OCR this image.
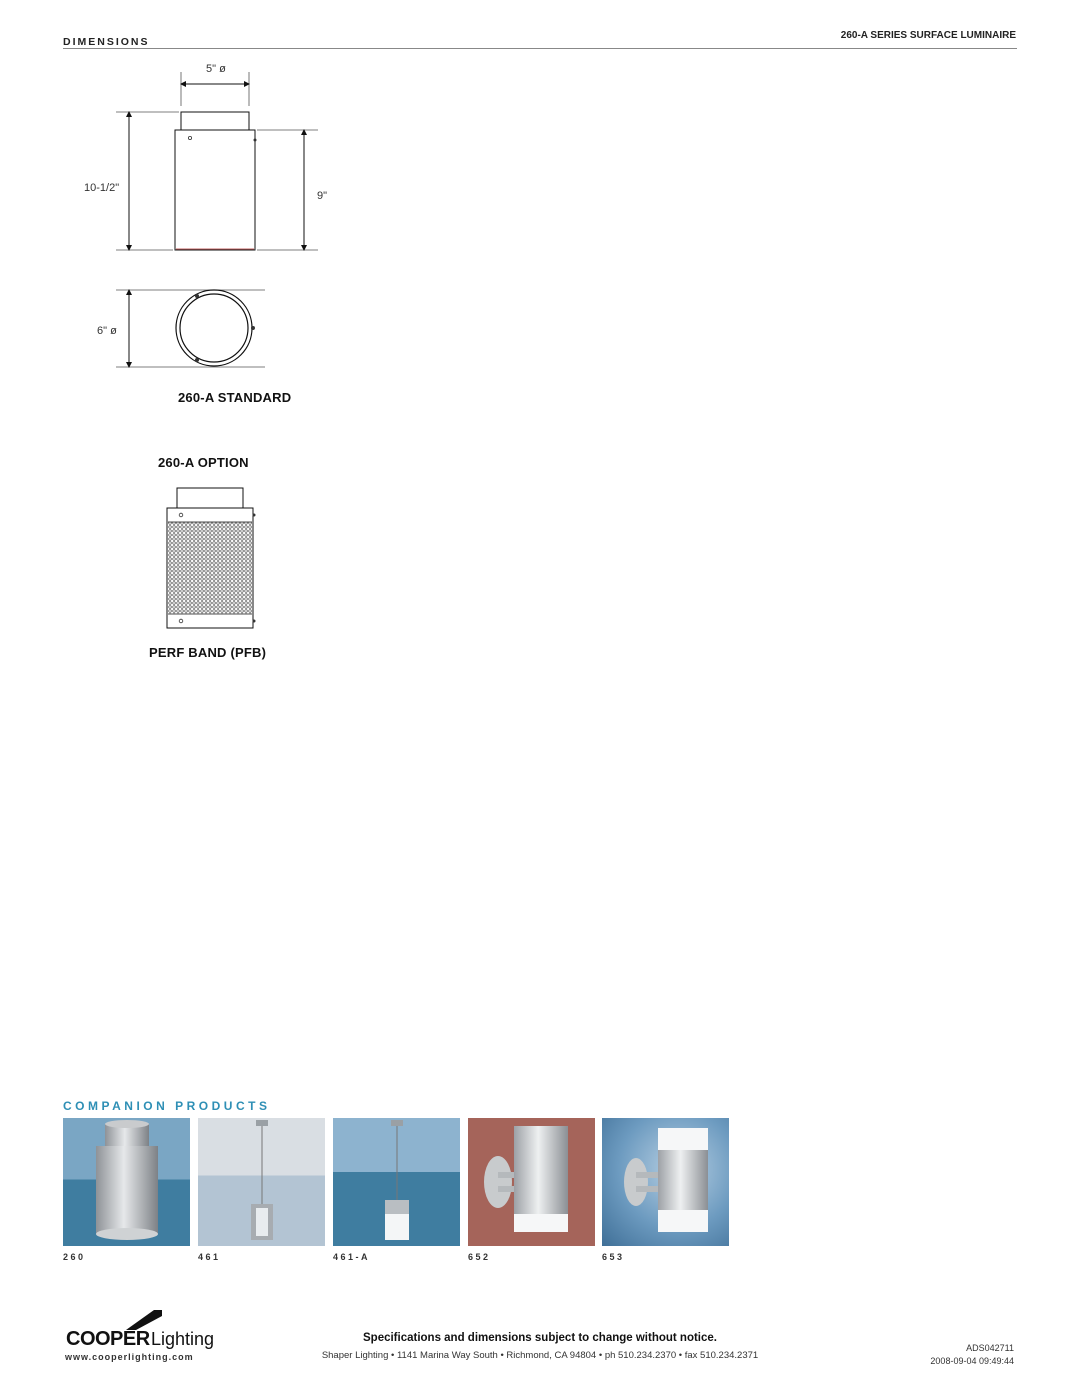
DIMENSIONS
260-A SERIES SURFACE LUMINAIRE
5" ø
10-1/2"
9"
6" ø
260-A STANDARD
260-A OPTION
PERF BAND (PFB)
COMPANION PRODUCTS
260	461	461-A	652	653
COOPER Lighting
www.cooperlighting.com
Specifications and dimensions subject to change without notice.
Shaper Lighting • 1141 Marina Way South • Richmond, CA 94804 • ph 510.234.2370 • fax 510.234.2371
ADS042711
2008-09-04 09:49:44
